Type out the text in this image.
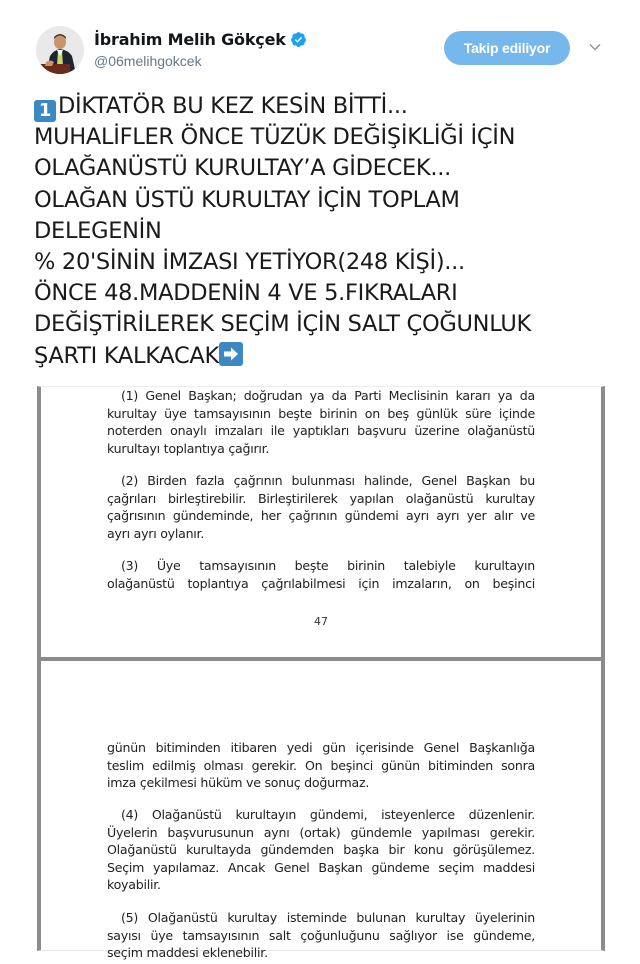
İbrahim Melih Gökçek
@06melihgokcek
Takip ediliyor
1 DİKTATÖR BU KEZ KESİN BİTTİ...
MUHALİFLER ÖNCE TÜZÜK DEĞİŞİKLİĞİ İÇİN
OLAĞANÜSTÜ KURULTAY’A GİDECEK...
OLAĞAN ÜSTÜ KURULTAY İÇİN TOPLAM
DELEGENİN
% 20'SİNİN İMZASI YETİYOR(248 KİŞİ)...
ÖNCE 48.MADDENİN 4 VE 5.FIKRALARI
DEĞİŞTİRİLEREK SEÇİM İÇİN SALT ÇOĞUNLUK
ŞARTI KALKACAK
(1) Genel Başkan; doğrudan ya da Parti Meclisinin kararı ya da
kurultay üye tamsayısının beşte birinin on beş günlük süre içinde
noterden onaylı imzaları ile yaptıkları başvuru üzerine olağanüstü
kurultayı toplantıya çağırır.
(2) Birden fazla çağrının bulunması halinde, Genel Başkan bu
çağrıları birleştirebilir. Birleştirilerek yapılan olağanüstü kurultay
çağrısının gündeminde, her çağrının gündemi ayrı ayrı yer alır ve
ayrı ayrı oylanır.
(3) Üye tamsayısının beşte birinin talebiyle kurultayın
olağanüstü toplantıya çağrılabilmesi için imzaların, on beşinci
47
günün bitiminden itibaren yedi gün içerisinde Genel Başkanlığa
teslim edilmiş olması gerekir. On beşinci günün bitiminden sonra
imza çekilmesi hüküm ve sonuç doğurmaz.
(4) Olağanüstü kurultayın gündemi, isteyenlerce düzenlenir.
Üyelerin başvurusunun aynı (ortak) gündemle yapılması gerekir.
Olağanüstü kurultayda gündemden başka bir konu görüşülemez.
Seçim yapılamaz. Ancak Genel Başkan gündeme seçim maddesi
koyabilir.
(5) Olağanüstü kurultay isteminde bulunan kurultay üyelerinin
sayısı üye tamsayısının salt çoğunluğunu sağlıyor ise gündeme,
seçim maddesi eklenebilir.
